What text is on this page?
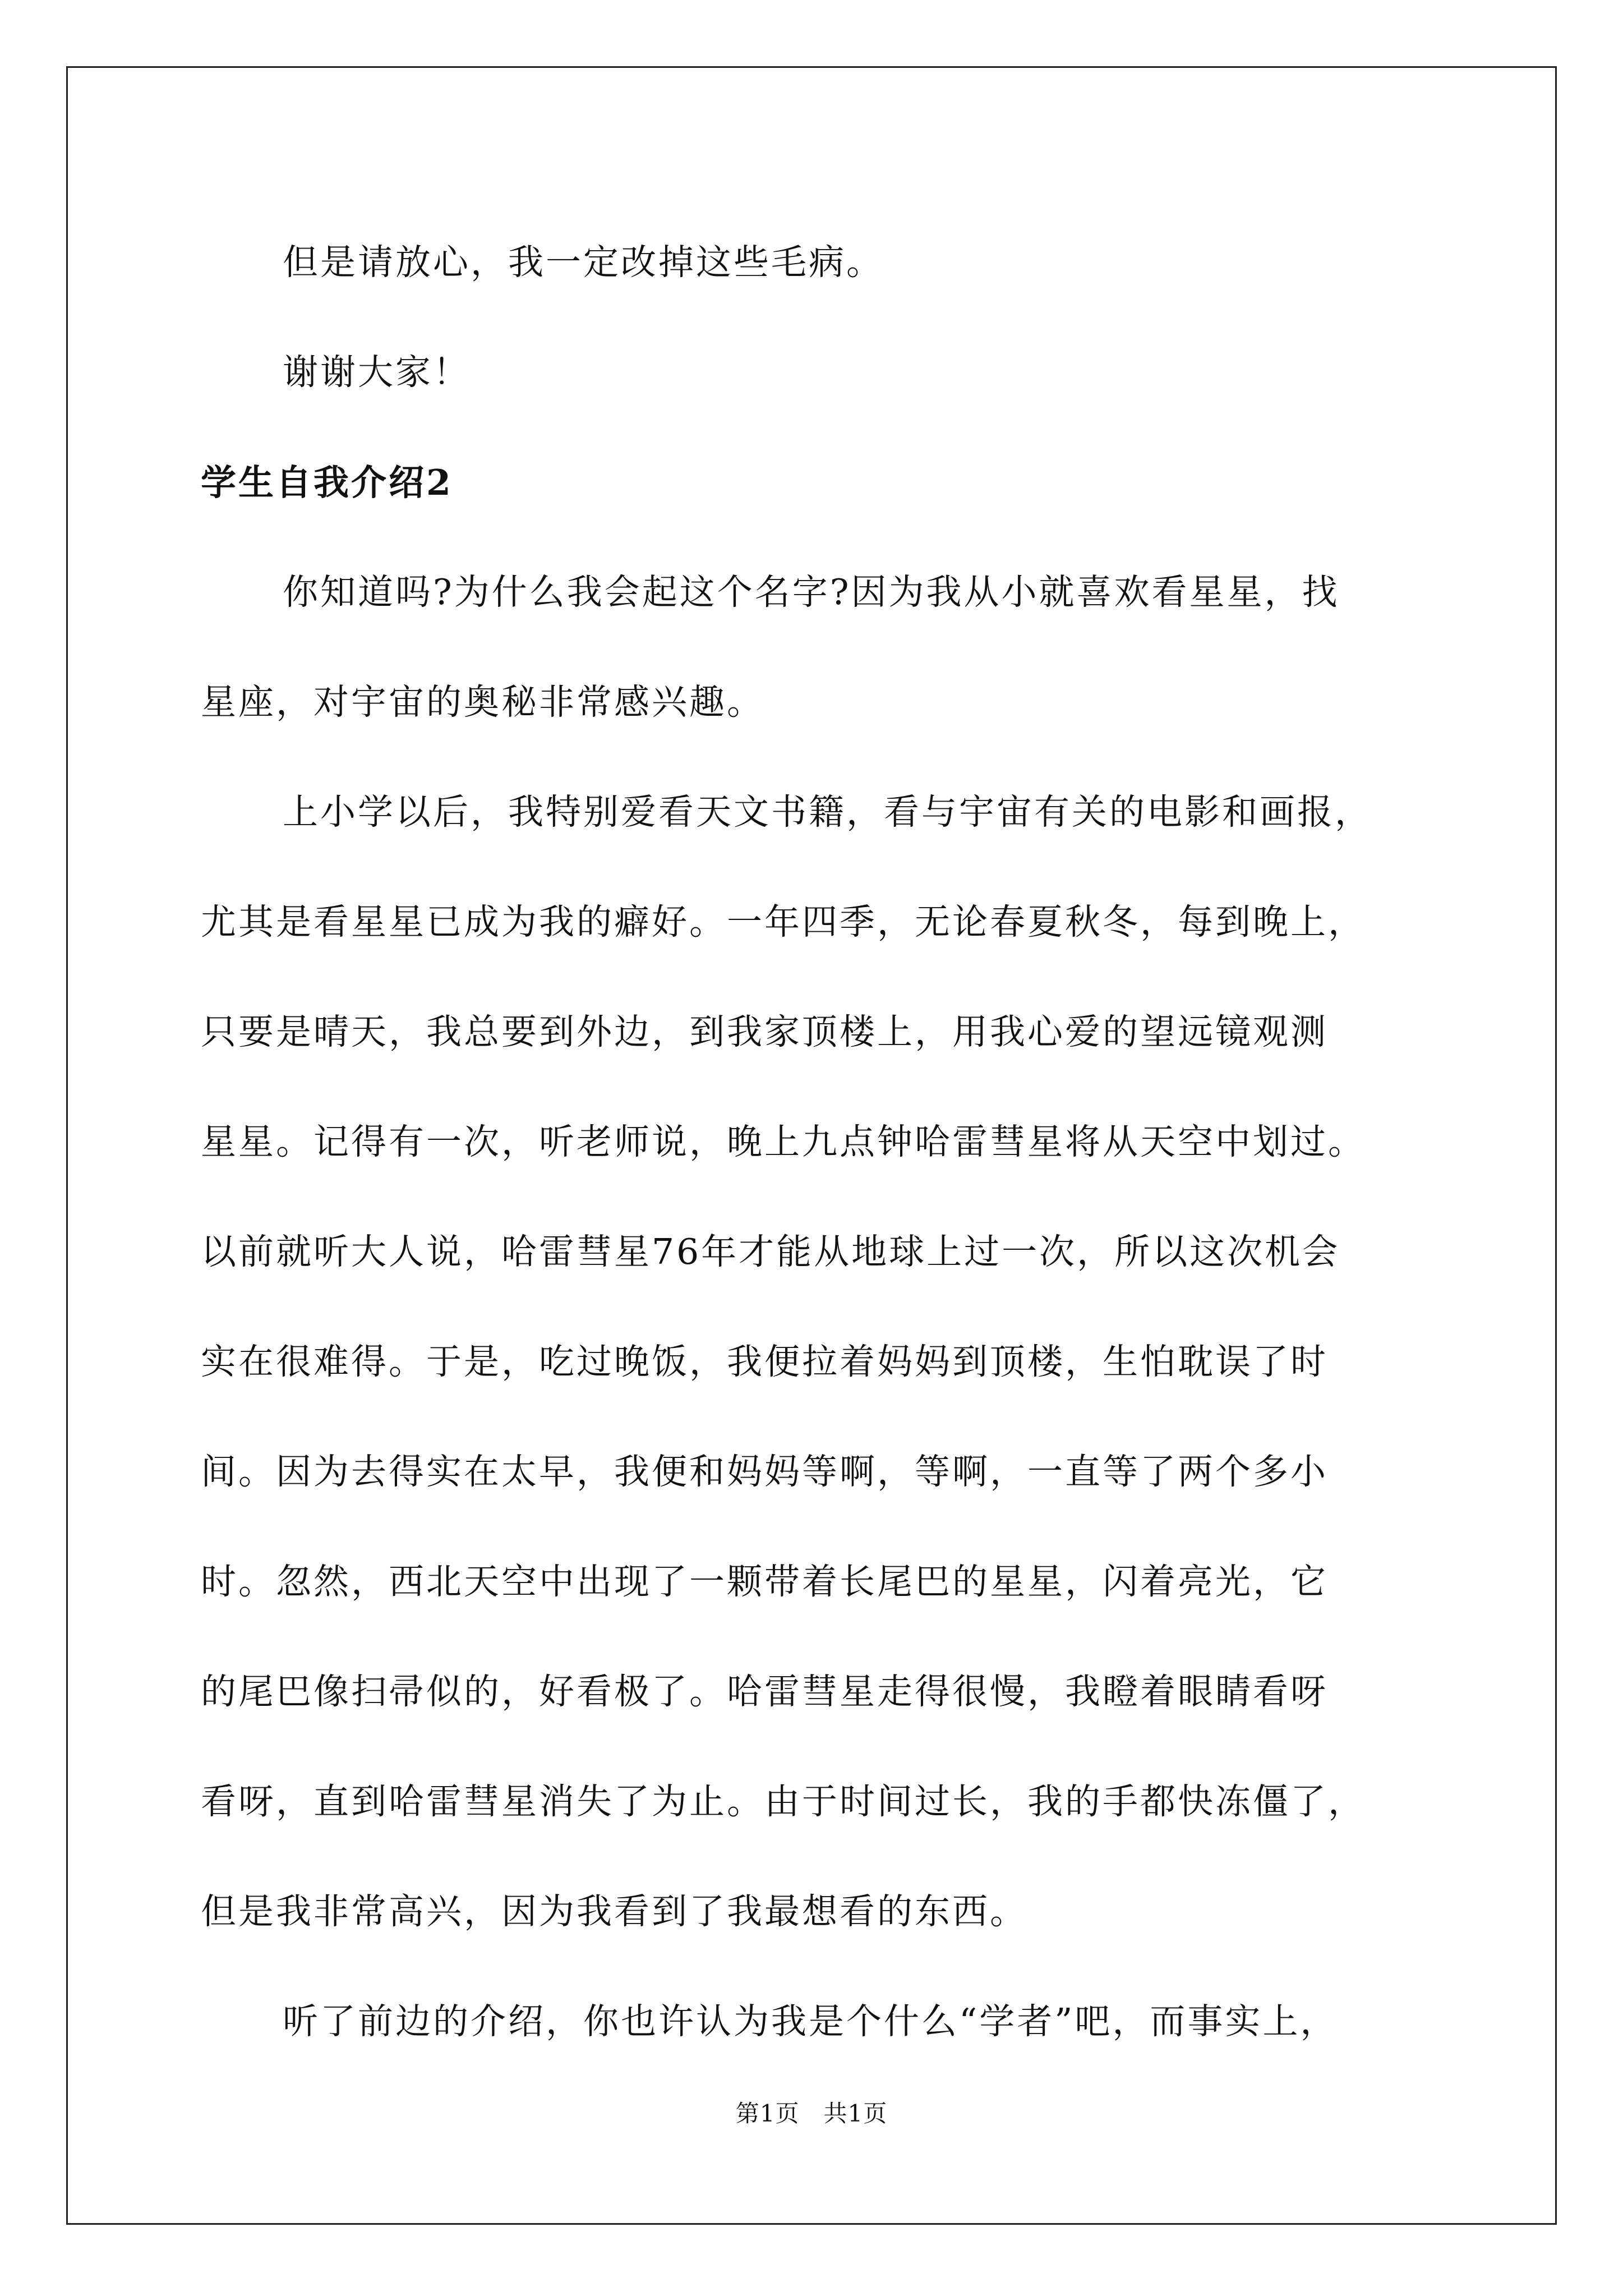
但是请放心，我一定改掉这些毛病。

谢谢大家！

学生自我介绍2

你知道吗?为什么我会起这个名字?因为我从小就喜欢看星星，找

星座，对宇宙的奥秘非常感兴趣。

上小学以后，我特别爱看天文书籍，看与宇宙有关的电影和画报，

尤其是看星星已成为我的癖好。一年四季，无论春夏秋冬，每到晚上，

只要是晴天，我总要到外边，到我家顶楼上，用我心爱的望远镜观测

星星。记得有一次，听老师说，晚上九点钟哈雷彗星将从天空中划过。

以前就听大人说，哈雷彗星76年才能从地球上过一次，所以这次机会

实在很难得。于是，吃过晚饭，我便拉着妈妈到顶楼，生怕耽误了时

间。因为去得实在太早，我便和妈妈等啊，等啊，一直等了两个多小

时。忽然，西北天空中出现了一颗带着长尾巴的星星，闪着亮光，它

的尾巴像扫帚似的，好看极了。哈雷彗星走得很慢，我瞪着眼睛看呀

看呀，直到哈雷彗星消失了为止。由于时间过长，我的手都快冻僵了，

但是我非常高兴，因为我看到了我最想看的东西。

听了前边的介绍，你也许认为我是个什么“学者”吧，而事实上，

第1页   共1页
